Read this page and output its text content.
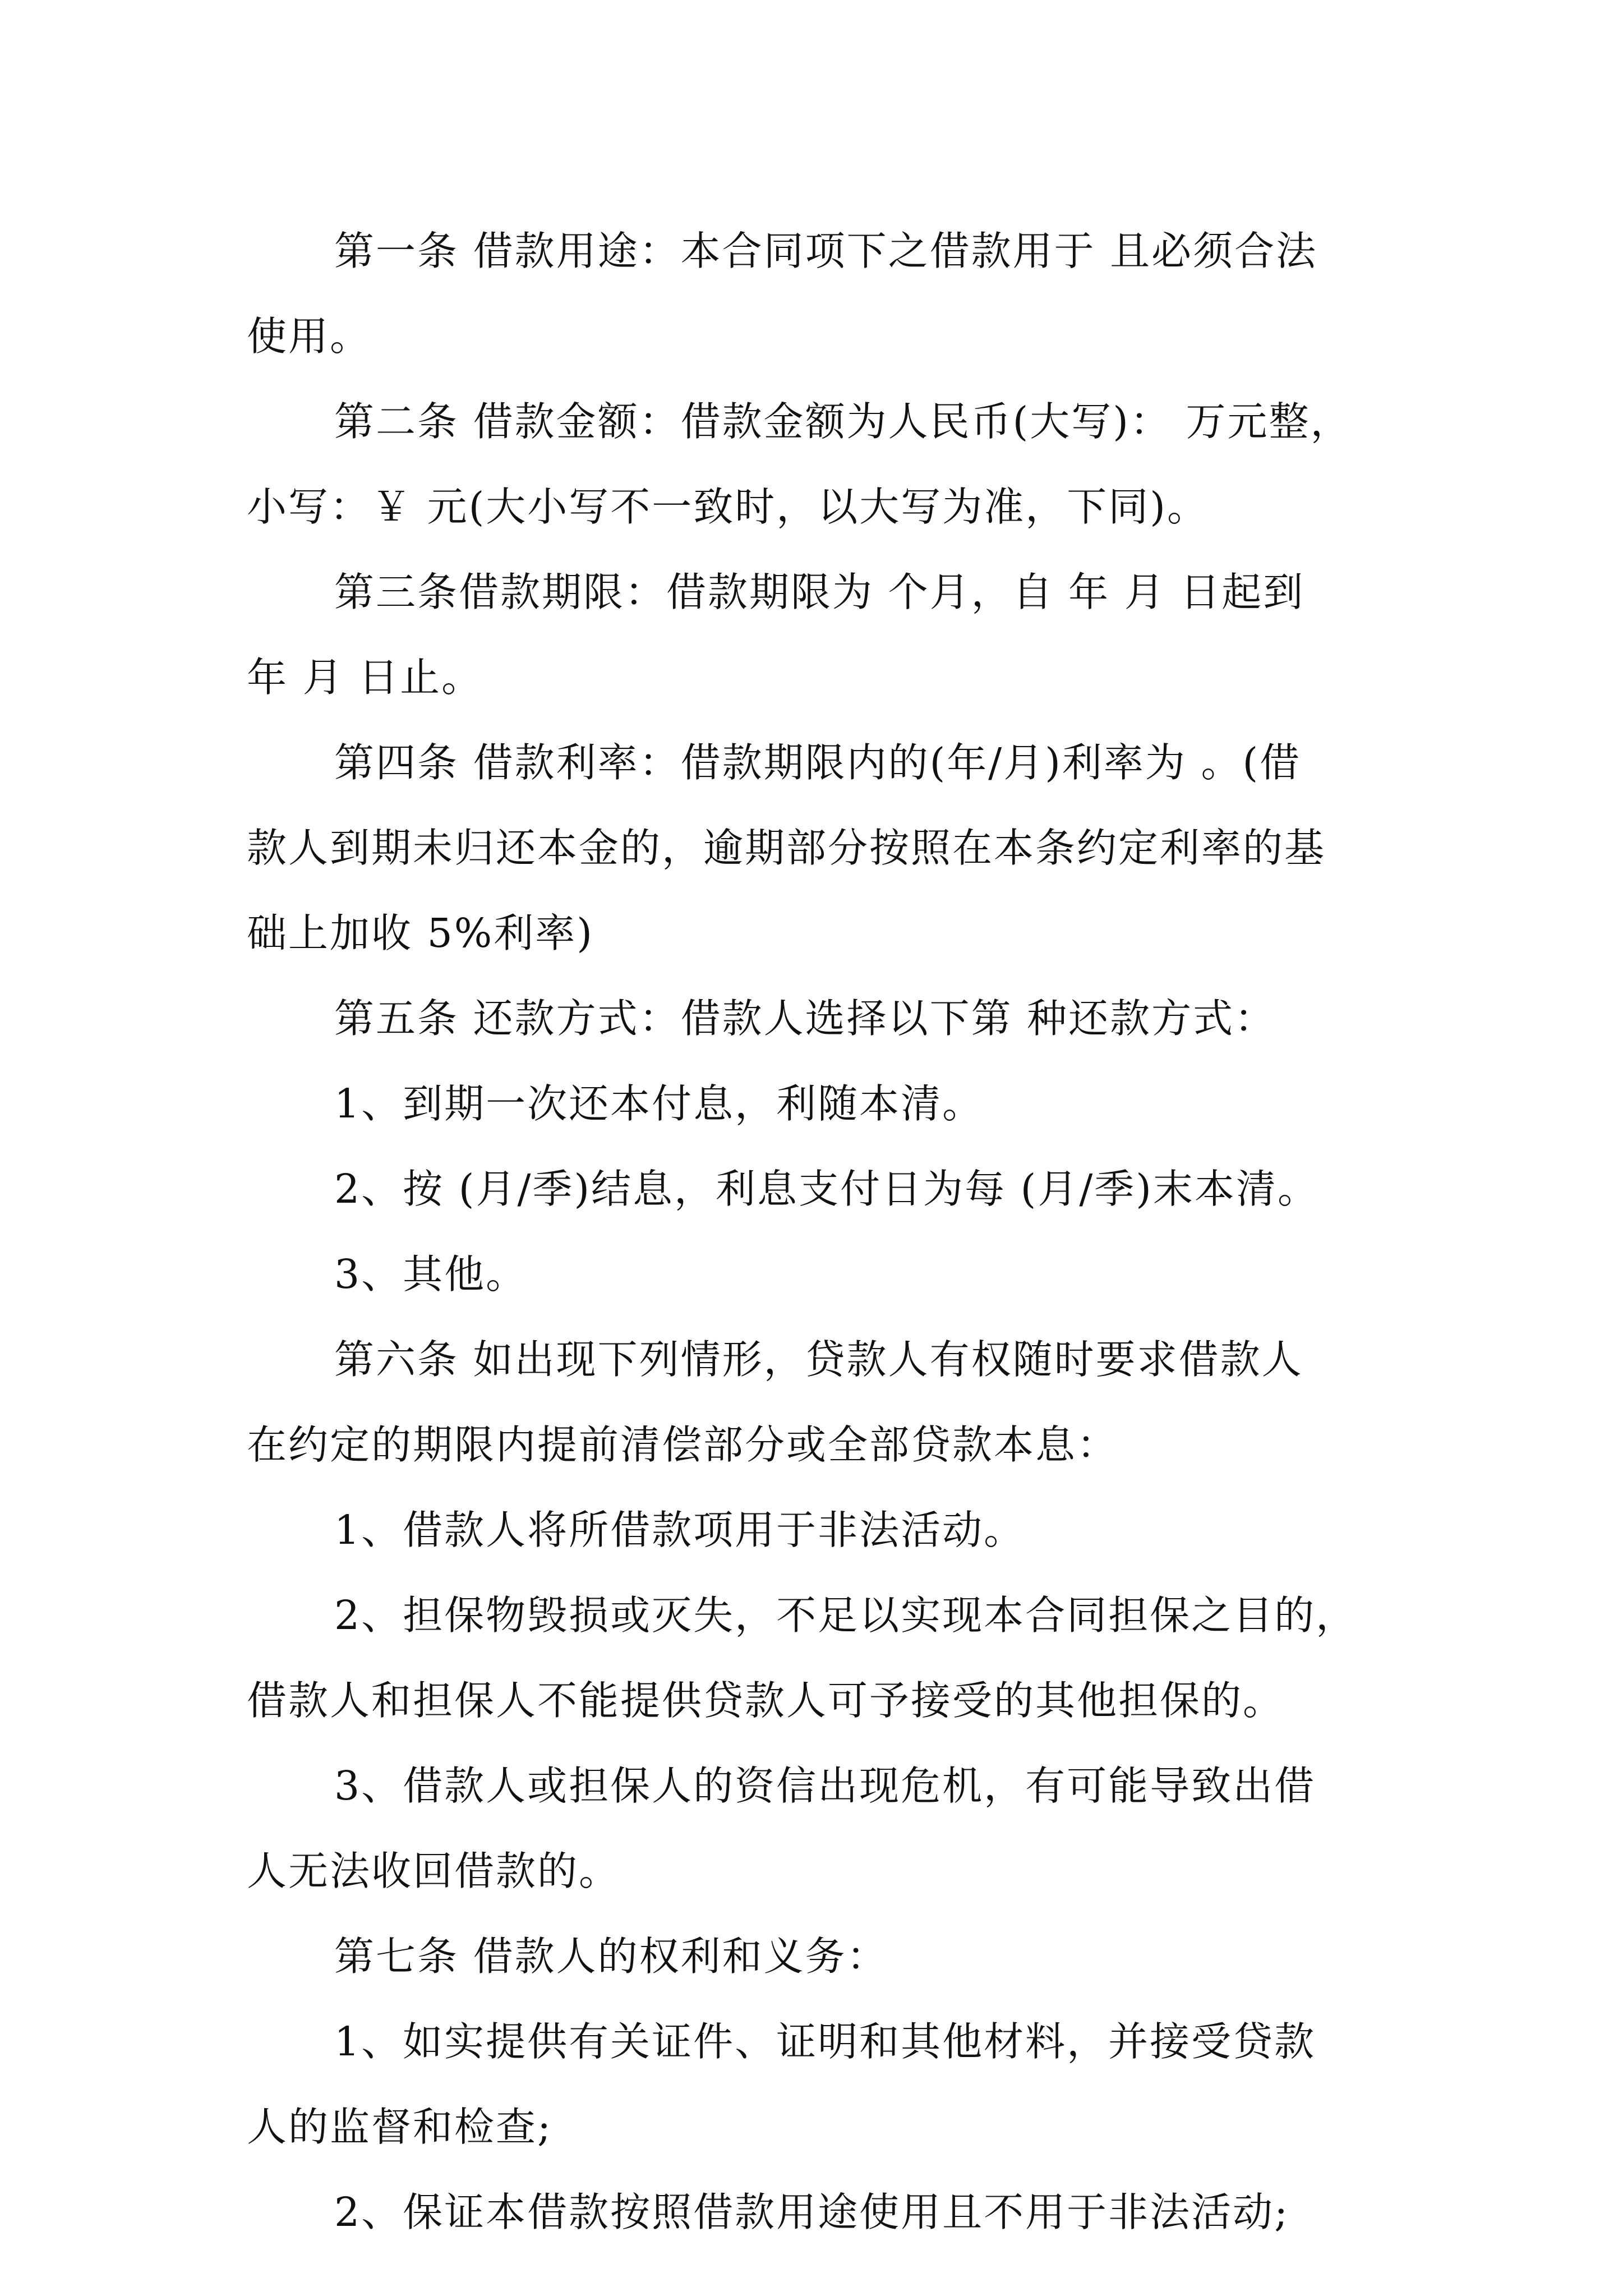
第一条 借款用途：本合同项下之借款用于 且必须合法
使用。
第二条 借款金额：借款金额为人民币(大写)： 万元整，
小写：￥ 元(大小写不一致时，以大写为准，下同)。
第三条借款期限：借款期限为 个月，自 年 月 日起到
年 月 日止。
第四条 借款利率：借款期限内的(年/月)利率为 。(借
款人到期未归还本金的，逾期部分按照在本条约定利率的基
础上加收 5%利率)
第五条 还款方式：借款人选择以下第 种还款方式：
1、到期一次还本付息，利随本清。
2、按 (月/季)结息，利息支付日为每 (月/季)末本清。
3、其他。
第六条 如出现下列情形，贷款人有权随时要求借款人
在约定的期限内提前清偿部分或全部贷款本息：
1、借款人将所借款项用于非法活动。
2、担保物毁损或灭失，不足以实现本合同担保之目的，
借款人和担保人不能提供贷款人可予接受的其他担保的。
3、借款人或担保人的资信出现危机，有可能导致出借
人无法收回借款的。
第七条 借款人的权利和义务：
1、如实提供有关证件、证明和其他材料，并接受贷款
人的监督和检查;
2、保证本借款按照借款用途使用且不用于非法活动;
